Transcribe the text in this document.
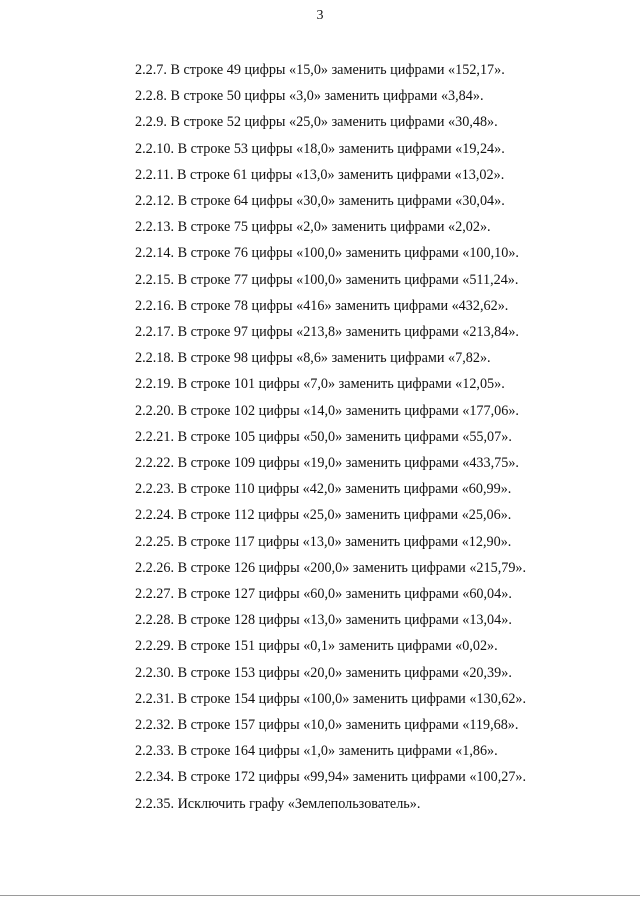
3
2.2.7. В строке 49 цифры «15,0» заменить цифрами «152,17».
2.2.8. В строке 50 цифры «3,0» заменить цифрами «3,84».
2.2.9. В строке 52 цифры «25,0» заменить цифрами «30,48».
2.2.10. В строке 53 цифры «18,0» заменить цифрами «19,24».
2.2.11. В строке 61 цифры «13,0» заменить цифрами «13,02».
2.2.12. В строке 64 цифры «30,0» заменить цифрами «30,04».
2.2.13. В строке 75 цифры «2,0» заменить цифрами «2,02».
2.2.14. В строке 76 цифры «100,0» заменить цифрами «100,10».
2.2.15. В строке 77 цифры «100,0» заменить цифрами «511,24».
2.2.16. В строке 78 цифры «416» заменить цифрами «432,62».
2.2.17. В строке 97 цифры «213,8» заменить цифрами «213,84».
2.2.18. В строке 98 цифры «8,6» заменить цифрами «7,82».
2.2.19. В строке 101 цифры «7,0» заменить цифрами «12,05».
2.2.20. В строке 102 цифры «14,0» заменить цифрами «177,06».
2.2.21. В строке 105 цифры «50,0» заменить цифрами «55,07».
2.2.22. В строке 109 цифры «19,0» заменить цифрами «433,75».
2.2.23. В строке 110 цифры «42,0» заменить цифрами «60,99».
2.2.24. В строке 112 цифры «25,0» заменить цифрами «25,06».
2.2.25. В строке 117 цифры «13,0» заменить цифрами «12,90».
2.2.26. В строке 126 цифры «200,0» заменить цифрами «215,79».
2.2.27. В строке 127 цифры «60,0» заменить цифрами «60,04».
2.2.28. В строке 128 цифры «13,0» заменить цифрами «13,04».
2.2.29. В строке 151 цифры «0,1» заменить цифрами «0,02».
2.2.30. В строке 153 цифры «20,0» заменить цифрами «20,39».
2.2.31. В строке 154 цифры «100,0» заменить цифрами «130,62».
2.2.32. В строке 157 цифры «10,0» заменить цифрами «119,68».
2.2.33. В строке 164 цифры «1,0» заменить цифрами «1,86».
2.2.34. В строке 172 цифры «99,94» заменить цифрами «100,27».
2.2.35. Исключить графу «Землепользователь».
